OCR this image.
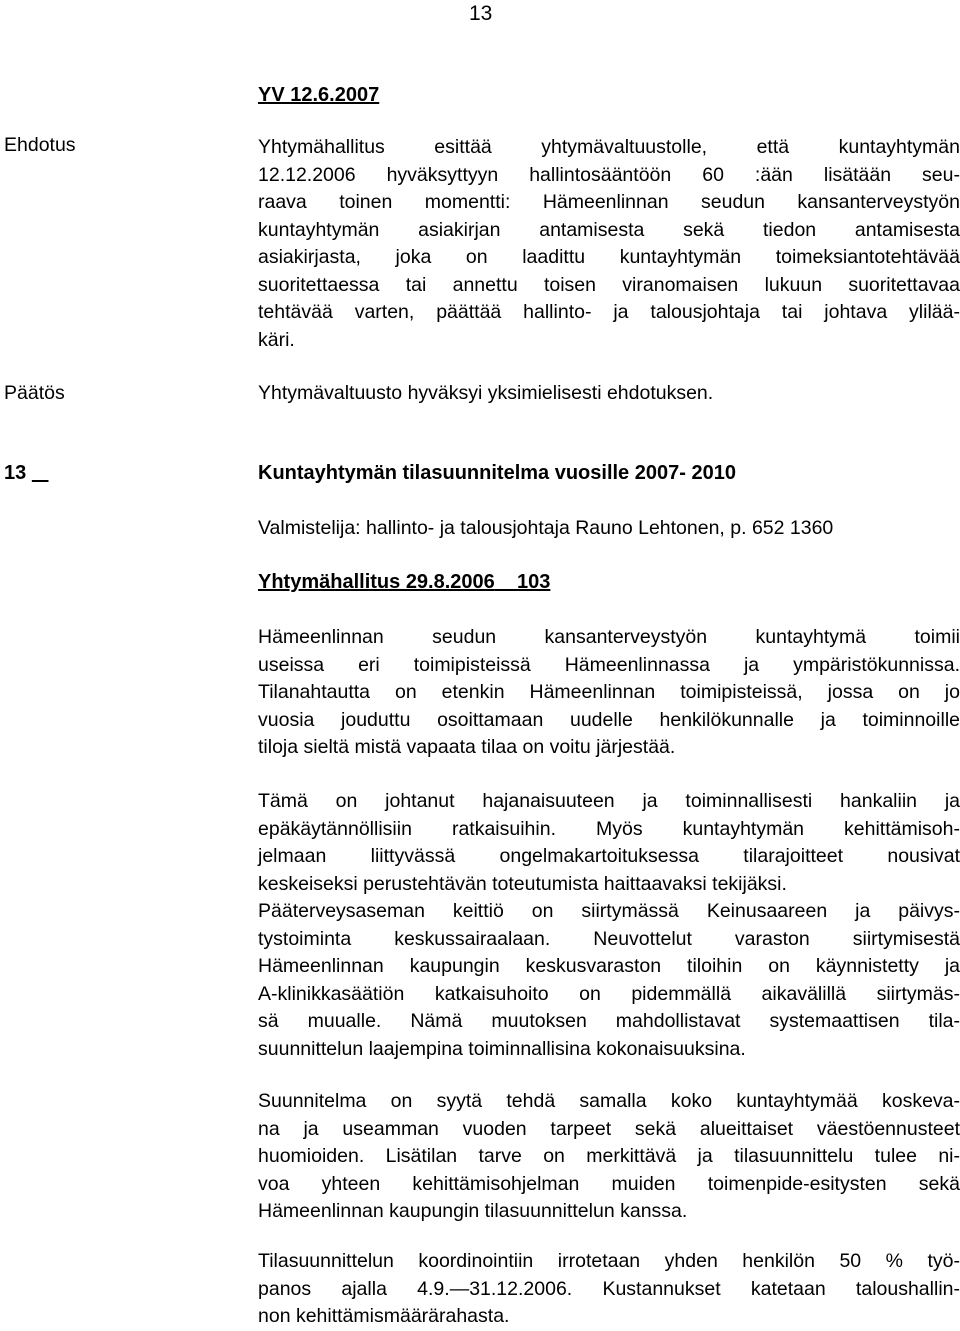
13
YV 12.6.2007
Ehdotus	Yhtymähallitus esittää yhtymävaltuustolle, että kuntayhtymän
12.12.2006 hyväksyttyyn hallintosääntöön 60 :ään lisätään seu-
raava toinen momentti: Hämeenlinnan seudun kansanterveystyön
kuntayhtymän asiakirjan antamisesta sekä tiedon antamisesta
asiakirjasta, joka on laadittu kuntayhtymän toimeksiantotehtävää
suoritettaessa tai annettu toisen viranomaisen lukuun suoritettavaa
tehtävää varten, päättää hallinto- ja talousjohtaja tai johtava ylilää-
käri.
Päätös	Yhtymävaltuusto hyväksyi yksimielisesti ehdotuksen.
13	Kuntayhtymän tilasuunnitelma vuosille 2007- 2010
Valmistelija: hallinto- ja talousjohtaja Rauno Lehtonen, p. 652 1360
Yhtymähallitus 29.8.2006 103
Hämeenlinnan seudun kansanterveystyön kuntayhtymä toimii
useissa eri toimipisteissä Hämeenlinnassa ja ympäristökunnissa.
Tilanahtautta on etenkin Hämeenlinnan toimipisteissä, jossa on jo
vuosia jouduttu osoittamaan uudelle henkilökunnalle ja toiminnoille
tiloja sieltä mistä vapaata tilaa on voitu järjestää.
Tämä on johtanut hajanaisuuteen ja toiminnallisesti hankaliin ja
epäkäytännöllisiin ratkaisuihin. Myös kuntayhtymän kehittämisoh-
jelmaan liittyvässä ongelmakartoituksessa tilarajoitteet nousivat
keskeiseksi perustehtävän toteutumista haittaavaksi tekijäksi.
Pääterveysaseman keittiö on siirtymässä Keinusaareen ja päivys-
tystoiminta keskussairaalaan. Neuvottelut varaston siirtymisestä
Hämeenlinnan kaupungin keskusvaraston tiloihin on käynnistetty ja
A-klinikkasäätiön katkaisuhoito on pidemmällä aikavälillä siirtymäs-
sä muualle. Nämä muutoksen mahdollistavat systemaattisen tila-
suunnittelun laajempina toiminnallisina kokonaisuuksina.
Suunnitelma on syytä tehdä samalla koko kuntayhtymää koskeva-
na ja useamman vuoden tarpeet sekä alueittaiset väestöennusteet
huomioiden. Lisätilan tarve on merkittävä ja tilasuunnittelu tulee ni-
voa yhteen kehittämisohjelman muiden toimenpide-esitysten sekä
Hämeenlinnan kaupungin tilasuunnittelun kanssa.
Tilasuunnittelun koordinointiin irrotetaan yhden henkilön 50 % työ-
panos ajalla 4.9.—31.12.2006. Kustannukset katetaan taloushallin-
non kehittämismäärärahasta.
